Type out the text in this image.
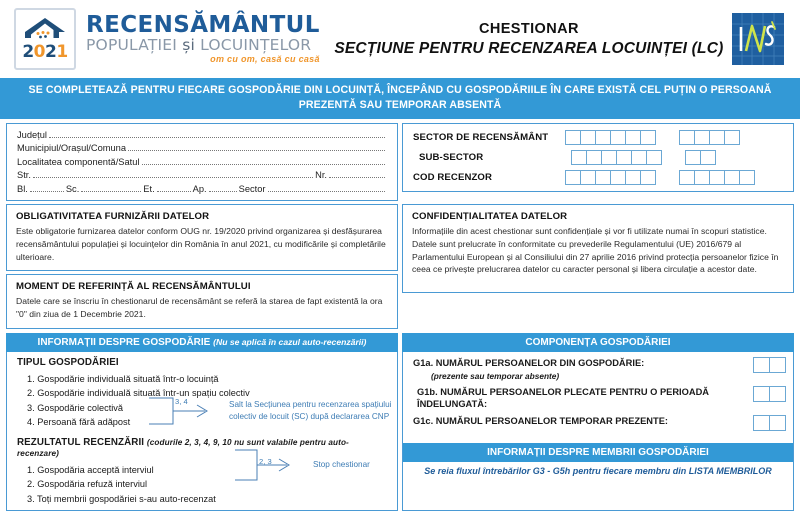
2021
RECENSĂMÂNTUL
POPULAȚIEI și LOCUINȚELOR
om cu om, casă cu casă
CHESTIONAR
SECȚIUNE PENTRU RECENZAREA LOCUINȚEI (LC)
SE COMPLETEAZĂ PENTRU FIECARE GOSPODĂRIE DIN LOCUINȚĂ, ÎNCEPÂND CU GOSPODĂRIILE ÎN CARE EXISTĂ CEL PUȚIN O PERSOANĂ PREZENTĂ SAU TEMPORAR ABSENTĂ
Județul
Municipiul/Orașul/Comuna
Localitatea componentă/Satul
Str.	Nr.
Bl.	Sc.	Et.	Ap.	Sector
SECTOR DE RECENSĂMÂNT
SUB-SECTOR
COD RECENZOR
OBLIGATIVITATEA FURNIZĂRII DATELOR

Este obligatorie furnizarea datelor conform OUG nr. 19/2020 privind organizarea și desfășurarea recensământului populației și locuințelor din România în anul 2021, cu modificările și completările ulterioare.

MOMENT DE REFERINȚĂ AL RECENSĂMÂNTULUI

Datele care se înscriu în chestionarul de recensământ se referă la starea de fapt existentă la ora "0" din ziua de 1 Decembrie 2021.

CONFIDENȚIALITATEA DATELOR

Informațiile din acest chestionar sunt confidențiale și vor fi utilizate numai în scopuri statistice. Datele sunt prelucrate în conformitate cu prevederile Regulamentului (UE) 2016/679 al Parlamentului European și al Consiliului din 27 aprilie 2016 privind protecția persoanelor fizice în ceea ce privește prelucrarea datelor cu caracter personal și libera circulație a acestor date.

INFORMAȚII DESPRE GOSPODĂRIE (Nu se aplică în cazul auto-recenzării)	COMPONENȚA GOSPODĂRIEI
TIPUL GOSPODĂRIEI
1. Gospodărie individuală situată într-o locuință
2. Gospodărie individuală situată într-un spațiu colectiv
3. Gospodărie colectivă
4. Persoană fără adăpost
Salt la Secțiunea pentru recenzarea spațiului
colectiv de locuit (SC) după declararea CNP
3, 4
REZULTATUL RECENZĂRII (codurile 2, 3, 4, 9, 10 nu sunt valabile pentru auto-recenzare)
1. Gospodăria acceptă interviul
2. Gospodăria refuză interviul
3. Toți membrii gospodăriei s-au auto-recenzat
Stop chestionar
2, 3
G1a. NUMĂRUL PERSOANELOR DIN GOSPODĂRIE:
(prezente sau temporar absente)
G1b. NUMĂRUL PERSOANELOR PLECATE PENTRU O PERIOADĂ ÎNDELUNGATĂ:
G1c. NUMĂRUL PERSOANELOR TEMPORAR PREZENTE:
INFORMAȚII DESPRE MEMBRII GOSPODĂRIEI
Se reia fluxul întrebărilor G3 - G5h pentru fiecare membru din LISTA MEMBRILOR
